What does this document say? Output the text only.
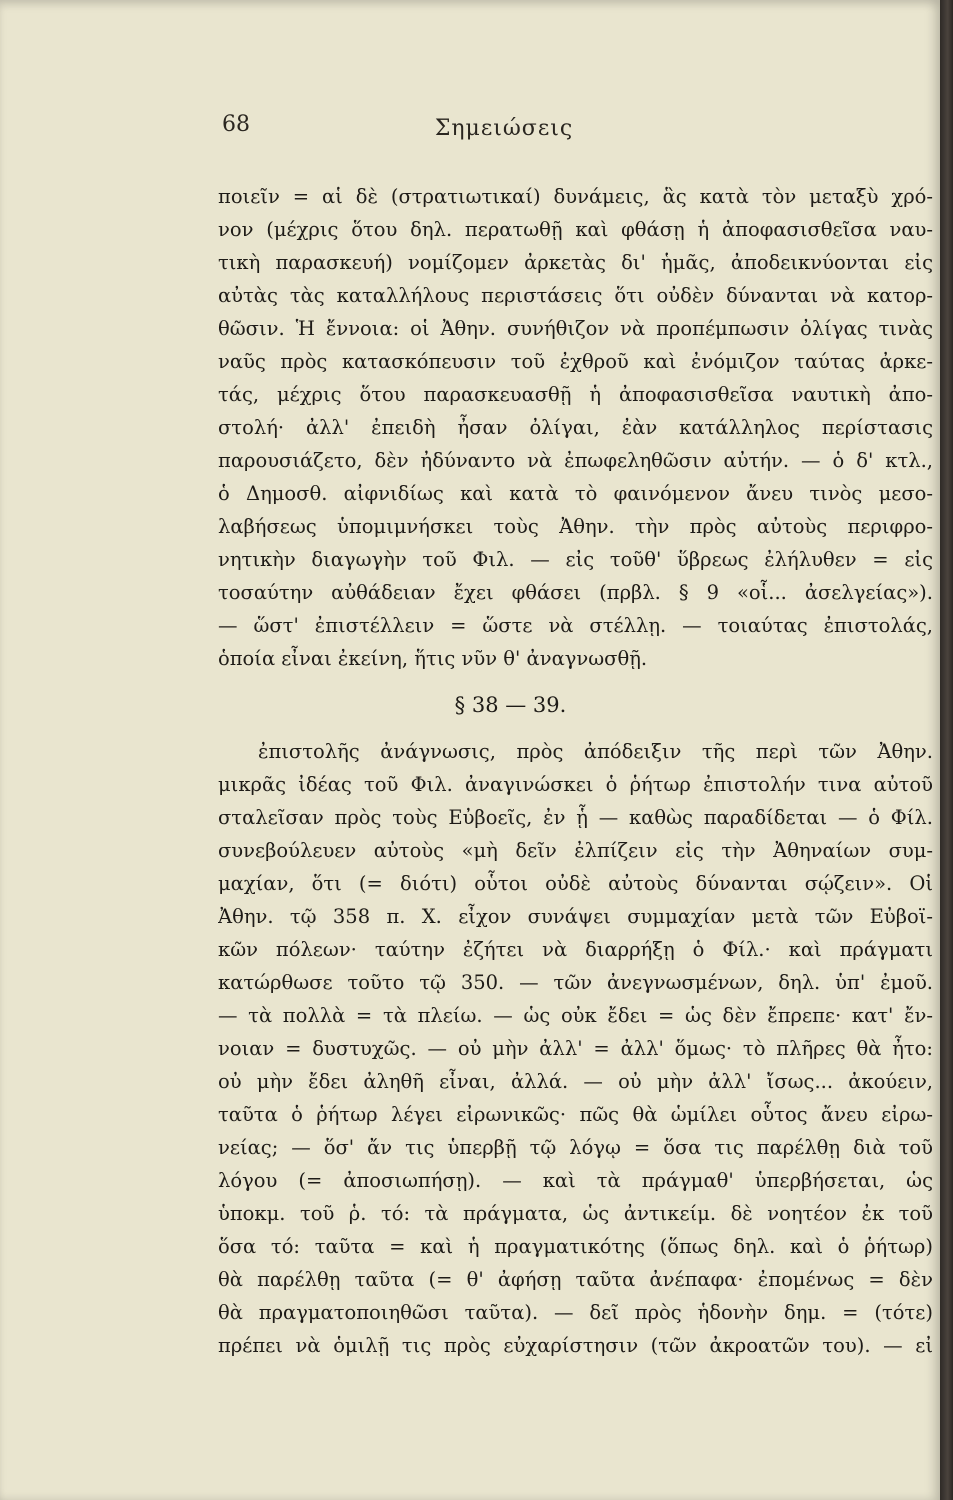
68	Σημειώσεις
ποιεῖν = αἱ δὲ (στρατιωτικαί) δυνάμεις, ἃς κατὰ τὸν μεταξὺ χρό-
νον (μέχρις ὅτου δηλ. περατωθῇ καὶ φθάσῃ ἡ ἀποφασισθεῖσα ναυ-
τικὴ παρασκευή) νομίζομεν ἀρκετὰς δι' ἡμᾶς, ἀποδεικνύονται εἰς
αὐτὰς τὰς καταλλήλους περιστάσεις ὅτι οὐδὲν δύνανται νὰ κατορ-
θῶσιν. Ἡ ἔννοια: οἱ Ἀθην. συνήθιζον νὰ προπέμπωσιν ὀλίγας τινὰς
ναῦς πρὸς κατασκόπευσιν τοῦ ἐχθροῦ καὶ ἐνόμιζον ταύτας ἀρκε-
τάς, μέχρις ὅτου παρασκευασθῇ ἡ ἀποφασισθεῖσα ναυτικὴ ἀπο-
στολή· ἀλλ' ἐπειδὴ ἦσαν ὀλίγαι, ἐὰν κατάλληλος περίστασις
παρουσιάζετο, δὲν ἠδύναντο νὰ ἐπωφεληθῶσιν αὐτήν. — ὁ δ' κτλ.,
ὁ Δημοσθ. αἰφνιδίως καὶ κατὰ τὸ φαινόμενον ἄνευ τινὸς μεσο-
λαβήσεως ὑπομιμνήσκει τοὺς Ἀθην. τὴν πρὸς αὐτοὺς περιφρο-
νητικὴν διαγωγὴν τοῦ Φιλ. — εἰς τοῦθ' ὕβρεως ἐλήλυθεν = εἰς
τοσαύτην αὐθάδειαν ἔχει φθάσει (πρβλ. § 9 «οἷ... ἀσελγείας»).
— ὥστ' ἐπιστέλλειν = ὥστε νὰ στέλλῃ. — τοιαύτας ἐπιστολάς,
ὁποία εἶναι ἐκείνη, ἥτις νῦν θ' ἀναγνωσθῇ.
§ 38 — 39.
ἐπιστολῆς ἀνάγνωσις, πρὸς ἀπόδειξιν τῆς περὶ τῶν Ἀθην.
μικρᾶς ἰδέας τοῦ Φιλ. ἀναγινώσκει ὁ ῥήτωρ ἐπιστολήν τινα αὐτοῦ
σταλεῖσαν πρὸς τοὺς Εὐβοεῖς, ἐν ᾗ — καθὼς παραδίδεται — ὁ Φίλ.
συνεβούλευεν αὐτοὺς «μὴ δεῖν ἐλπίζειν εἰς τὴν Ἀθηναίων συμ-
μαχίαν, ὅτι (= διότι) οὗτοι οὐδὲ αὐτοὺς δύνανται σῴζειν». Οἱ
Ἀθην. τῷ 358 π. Χ. εἶχον συνάψει συμμαχίαν μετὰ τῶν Εὐβοϊ-
κῶν πόλεων· ταύτην ἐζήτει νὰ διαρρήξῃ ὁ Φίλ.· καὶ πράγματι
κατώρθωσε τοῦτο τῷ 350. — τῶν ἀνεγνωσμένων, δηλ. ὑπ' ἐμοῦ.
— τὰ πολλὰ = τὰ πλείω. — ὡς οὐκ ἔδει = ὡς δὲν ἔπρεπε· κατ' ἔν-
νοιαν = δυστυχῶς. — οὐ μὴν ἀλλ' = ἀλλ' ὅμως· τὸ πλῆρες θὰ ἦτο:
οὐ μὴν ἔδει ἀληθῆ εἶναι, ἀλλά. — οὐ μὴν ἀλλ' ἴσως... ἀκούειν,
ταῦτα ὁ ῥήτωρ λέγει εἰρωνικῶς· πῶς θὰ ὡμίλει οὗτος ἄνευ εἰρω-
νείας; — ὅσ' ἄν τις ὑπερβῇ τῷ λόγῳ = ὅσα τις παρέλθῃ διὰ τοῦ
λόγου (= ἀποσιωπήσῃ). — καὶ τὰ πράγμαθ' ὑπερβήσεται, ὡς
ὑποκμ. τοῦ ῥ. τό: τὰ πράγματα, ὡς ἀντικείμ. δὲ νοητέον ἐκ τοῦ
ὅσα τό: ταῦτα = καὶ ἡ πραγματικότης (ὅπως δηλ. καὶ ὁ ῥήτωρ)
θὰ παρέλθῃ ταῦτα (= θ' ἀφήσῃ ταῦτα ἀνέπαφα· ἐπομένως = δὲν
θὰ πραγματοποιηθῶσι ταῦτα). — δεῖ πρὸς ἡδονὴν δημ. = (τότε)
πρέπει νὰ ὁμιλῇ τις πρὸς εὐχαρίστησιν (τῶν ἀκροατῶν του). — εἰ
